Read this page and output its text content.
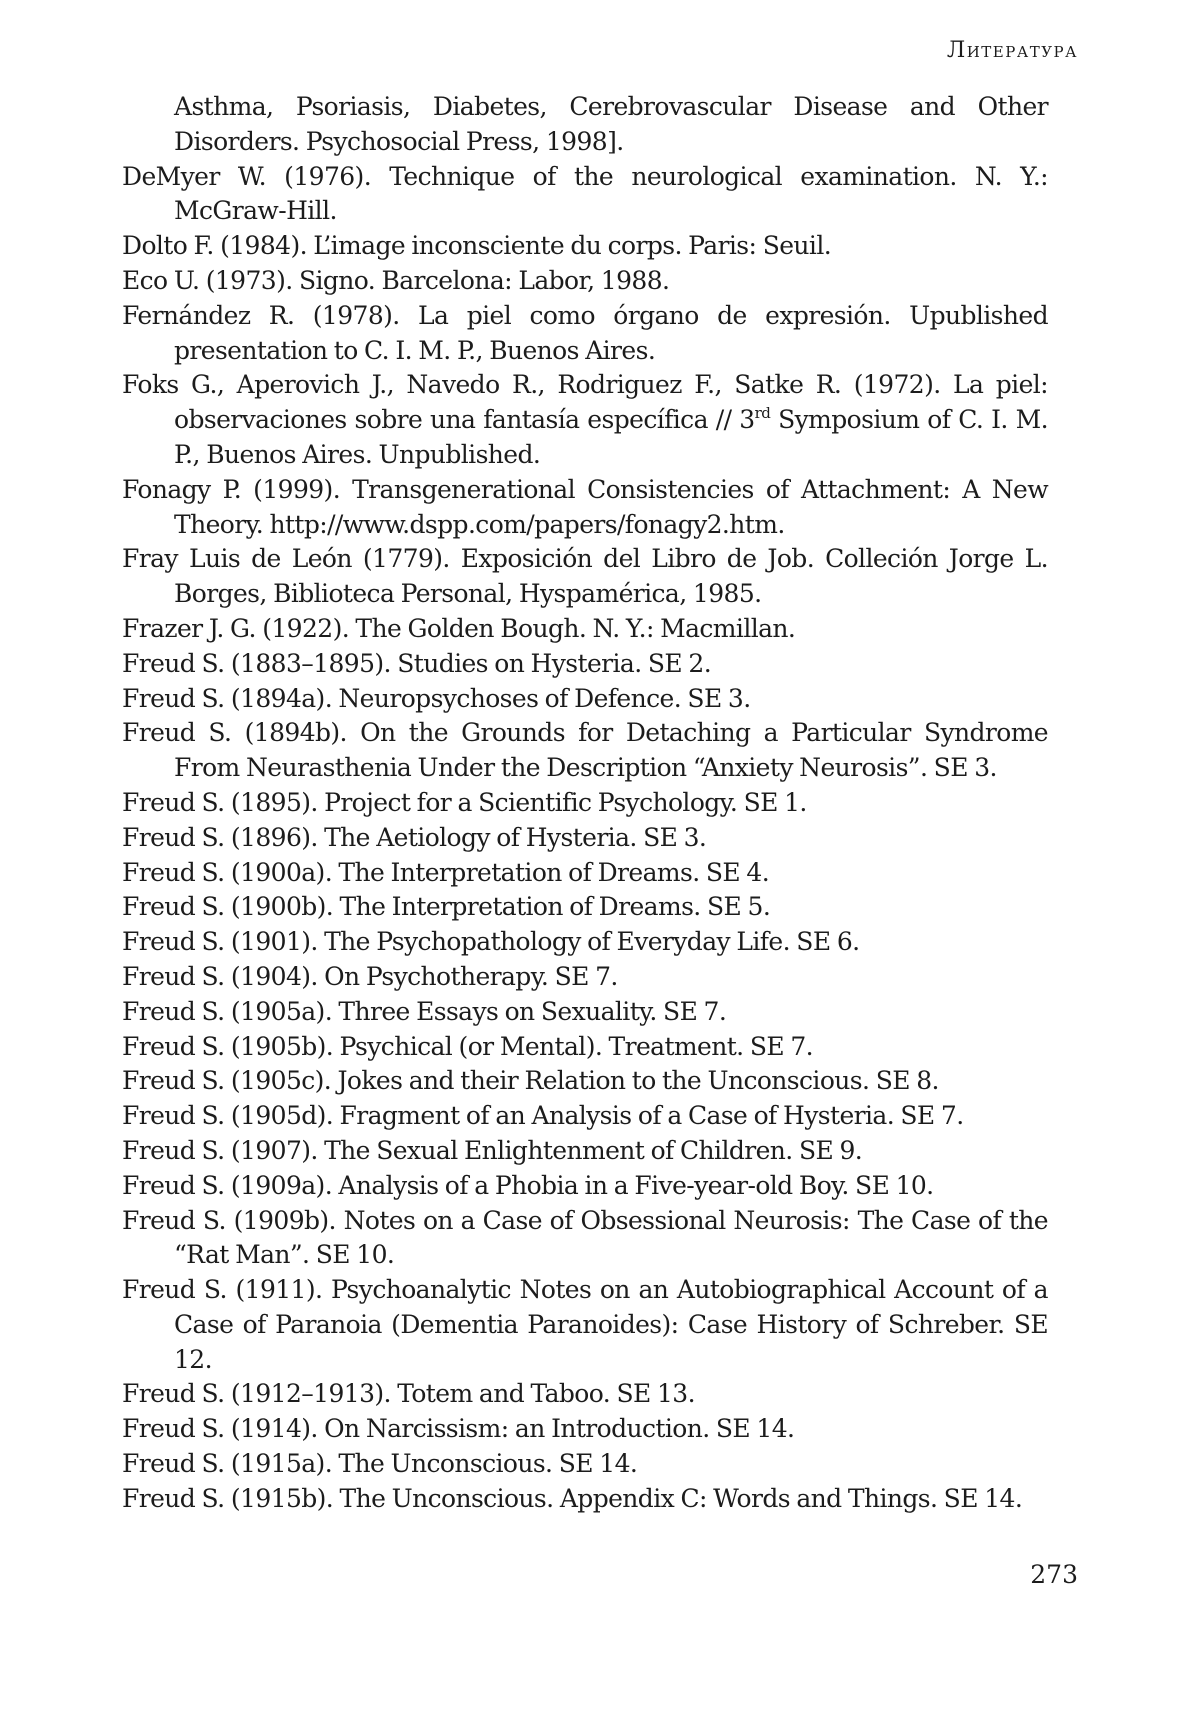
Литература
Asthma, Psoriasis, Diabetes, Cerebrovascular Disease and Other Disorders. Psychosocial Press, 1998].
DeMyer W. (1976). Technique of the neurological examination. N. Y.: McGraw-Hill.
Dolto F. (1984). L’image inconsciente du corps. Paris: Seuil.
Eco U. (1973). Signo. Barcelona: Labor, 1988.
Fernández R. (1978). La piel como órgano de expresión. Upublished presentation to C. I. M. P., Buenos Aires.
Foks G., Aperovich J., Navedo R., Rodriguez F., Satke R. (1972). La piel: observaciones sobre una fantasía específica // 3rd Symposium of C. I. M. P., Buenos Aires. Unpublished.
Fonagy P. (1999). Transgenerational Consistencies of Attachment: A New Theory. http://www.dspp.com/papers/fonagy2.htm.
Fray Luis de León (1779). Exposición del Libro de Job. Colleción Jorge L. Borges, Biblioteca Personal, Hyspamérica, 1985.
Frazer J. G. (1922). The Golden Bough. N. Y.: Macmillan.
Freud S. (1883–1895). Studies on Hysteria. SE 2.
Freud S. (1894a). Neuropsychoses of Defence. SE 3.
Freud S. (1894b). On the Grounds for Detaching a Particular Syndrome From Neurasthenia Under the Description “Anxiety Neurosis”. SE 3.
Freud S. (1895). Project for a Scientific Psychology. SE 1.
Freud S. (1896). The Aetiology of Hysteria. SE 3.
Freud S. (1900a). The Interpretation of Dreams. SE 4.
Freud S. (1900b). The Interpretation of Dreams. SE 5.
Freud S. (1901). The Psychopathology of Everyday Life. SE 6.
Freud S. (1904). On Psychotherapy. SE 7.
Freud S. (1905a). Three Essays on Sexuality. SE 7.
Freud S. (1905b). Psychical (or Mental). Treatment. SE 7.
Freud S. (1905c). Jokes and their Relation to the Unconscious. SE 8.
Freud S. (1905d). Fragment of an Analysis of a Case of Hysteria. SE 7.
Freud S. (1907). The Sexual Enlightenment of Children. SE 9.
Freud S. (1909a). Analysis of a Phobia in a Five-year-old Boy. SE 10.
Freud S. (1909b). Notes on a Case of Obsessional Neurosis: The Case of the “Rat Man”. SE 10.
Freud S. (1911). Psychoanalytic Notes on an Autobiographical Account of a Case of Paranoia (Dementia Paranoides): Case History of Schreber. SE 12.
Freud S. (1912–1913). Totem and Taboo. SE 13.
Freud S. (1914). On Narcissism: an Introduction. SE 14.
Freud S. (1915a). The Unconscious. SE 14.
Freud S. (1915b). The Unconscious. Appendix C: Words and Things. SE 14.
273
